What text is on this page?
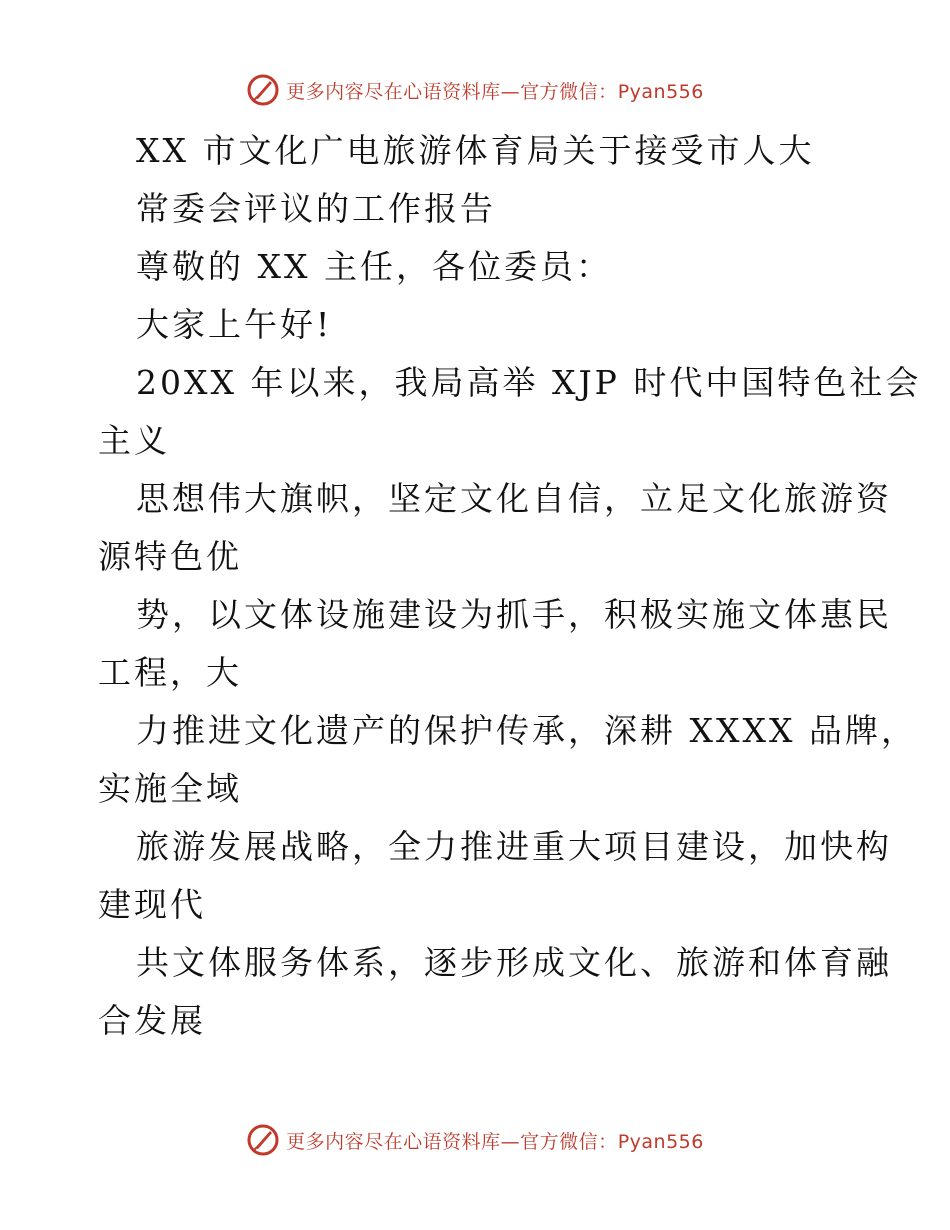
更多内容尽在心语资料库—官方微信：Pyan556
XX 市文化广电旅游体育局关于接受市人大
常委会评议的工作报告
尊敬的 XX 主任，各位委员：
大家上午好!
20XX 年以来，我局高举 XJP 时代中国特色社会
主义
思想伟大旗帜，坚定文化自信，立足文化旅游资
源特色优
势，以文体设施建设为抓手，积极实施文体惠民
工程，大
力推进文化遗产的保护传承，深耕 XXXX 品牌，
实施全域
旅游发展战略，全力推进重大项目建设，加快构
建现代
共文体服务体系，逐步形成文化、旅游和体育融
合发展
更多内容尽在心语资料库—官方微信：Pyan556
